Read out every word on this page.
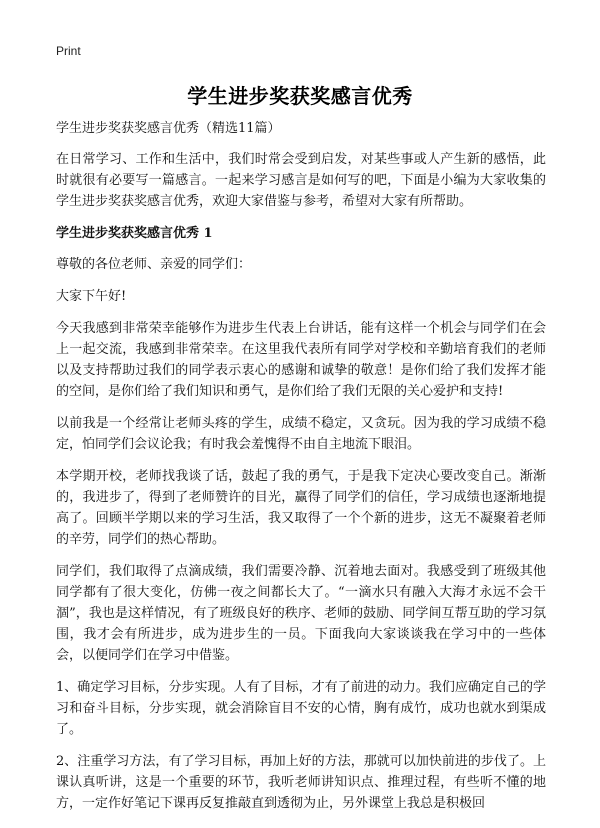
Print
学生进步奖获奖感言优秀

学生进步奖获奖感言优秀（精选11篇）

在日常学习、工作和生活中，我们时常会受到启发，对某些事或人产生新的感悟，此时就很有必要写一篇感言。一起来学习感言是如何写的吧，下面是小编为大家收集的学生进步奖获奖感言优秀，欢迎大家借鉴与参考，希望对大家有所帮助。

学生进步奖获奖感言优秀 1

尊敬的各位老师、亲爱的同学们：

大家下午好!

今天我感到非常荣幸能够作为进步生代表上台讲话，能有这样一个机会与同学们在会上一起交流，我感到非常荣幸。在这里我代表所有同学对学校和辛勤培育我们的老师以及支持帮助过我们的同学表示衷心的感谢和诚挚的敬意！是你们给了我们发挥才能的空间，是你们给了我们知识和勇气，是你们给了我们无限的关心爱护和支持!

以前我是一个经常让老师头疼的学生，成绩不稳定，又贪玩。因为我的学习成绩不稳定，怕同学们会议论我；有时我会羞愧得不由自主地流下眼泪。

本学期开校，老师找我谈了话，鼓起了我的勇气，于是我下定决心要改变自己。渐渐的，我进步了，得到了老师赞许的目光，赢得了同学们的信任，学习成绩也逐渐地提高了。回顾半学期以来的学习生活，我又取得了一个个新的进步，这无不凝聚着老师的辛劳，同学们的热心帮助。

同学们，我们取得了点滴成绩，我们需要冷静、沉着地去面对。我感受到了班级其他同学都有了很大变化，仿佛一夜之间都长大了。“一滴水只有融入大海才永远不会干涸”，我也是这样情况，有了班级良好的秩序、老师的鼓励、同学间互帮互助的学习氛围，我才会有所进步，成为进步生的一员。下面我向大家谈谈我在学习中的一些体会，以便同学们在学习中借鉴。

1、确定学习目标，分步实现。人有了目标，才有了前进的动力。我们应确定自己的学习和奋斗目标，分步实现，就会消除盲目不安的心情，胸有成竹，成功也就水到渠成了。

2、注重学习方法，有了学习目标，再加上好的方法，那就可以加快前进的步伐了。上课认真听讲，这是一个重要的环节，我听老师讲知识点、推理过程，有些听不懂的地方，一定作好笔记下课再反复推敲直到透彻为止，另外课堂上我总是积极回
